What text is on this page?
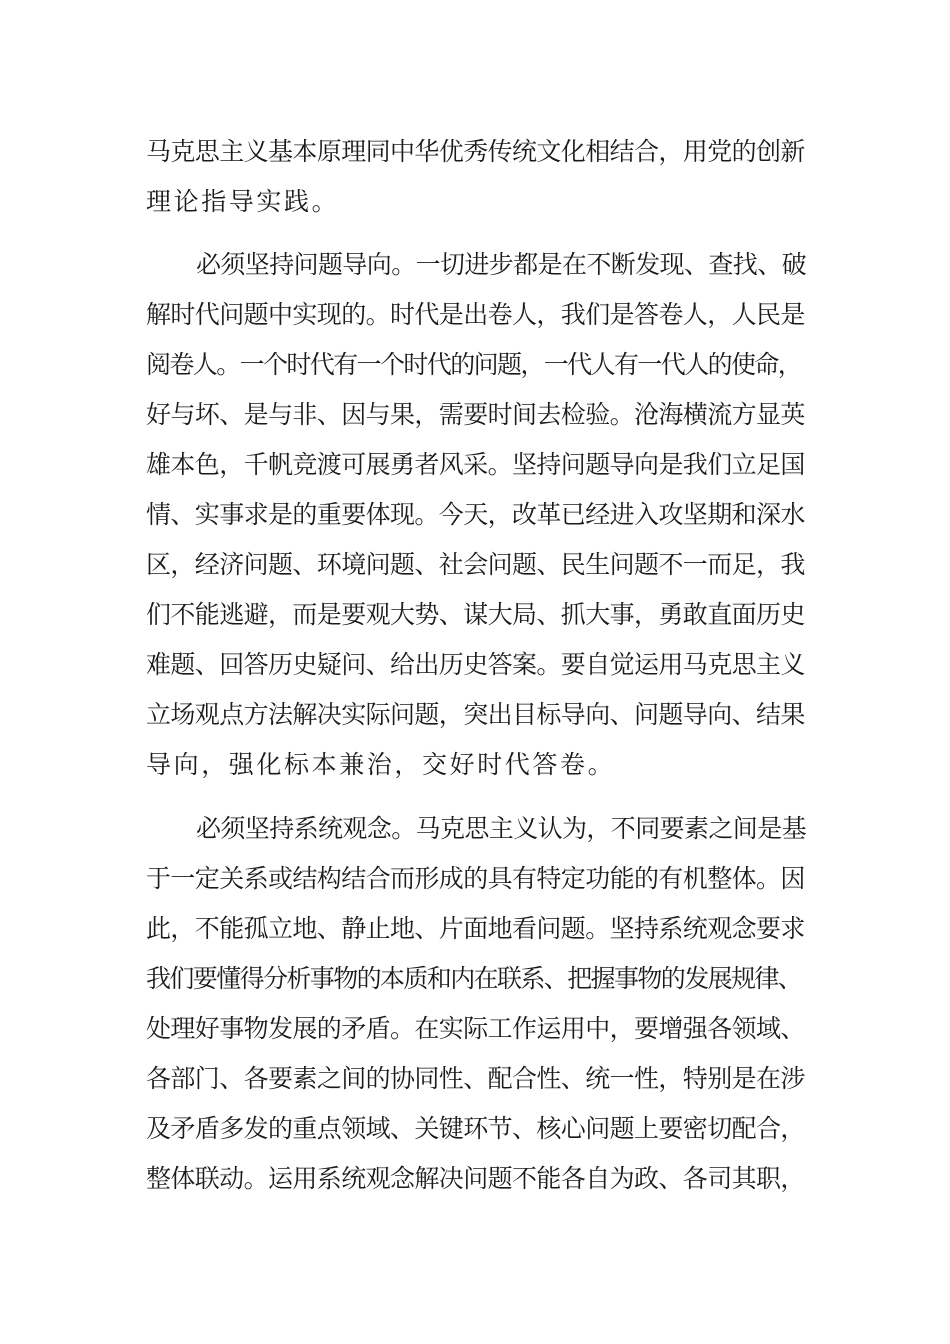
马克思主义基本原理同中华优秀传统文化相结合，用党的创新
理论指导实践。
必须坚持问题导向。一切进步都是在不断发现、查找、破
解时代问题中实现的。时代是出卷人，我们是答卷人，人民是
阅卷人。一个时代有一个时代的问题，一代人有一代人的使命，
好与坏、是与非、因与果，需要时间去检验。沧海横流方显英
雄本色，千帆竞渡可展勇者风采。坚持问题导向是我们立足国
情、实事求是的重要体现。今天，改革已经进入攻坚期和深水
区，经济问题、环境问题、社会问题、民生问题不一而足，我
们不能逃避，而是要观大势、谋大局、抓大事，勇敢直面历史
难题、回答历史疑问、给出历史答案。要自觉运用马克思主义
立场观点方法解决实际问题，突出目标导向、问题导向、结果
导向，强化标本兼治，交好时代答卷。
必须坚持系统观念。马克思主义认为，不同要素之间是基
于一定关系或结构结合而形成的具有特定功能的有机整体。因
此，不能孤立地、静止地、片面地看问题。坚持系统观念要求
我们要懂得分析事物的本质和内在联系、把握事物的发展规律、
处理好事物发展的矛盾。在实际工作运用中，要增强各领域、
各部门、各要素之间的协同性、配合性、统一性，特别是在涉
及矛盾多发的重点领域、关键环节、核心问题上要密切配合，
整体联动。运用系统观念解决问题不能各自为政、各司其职，
